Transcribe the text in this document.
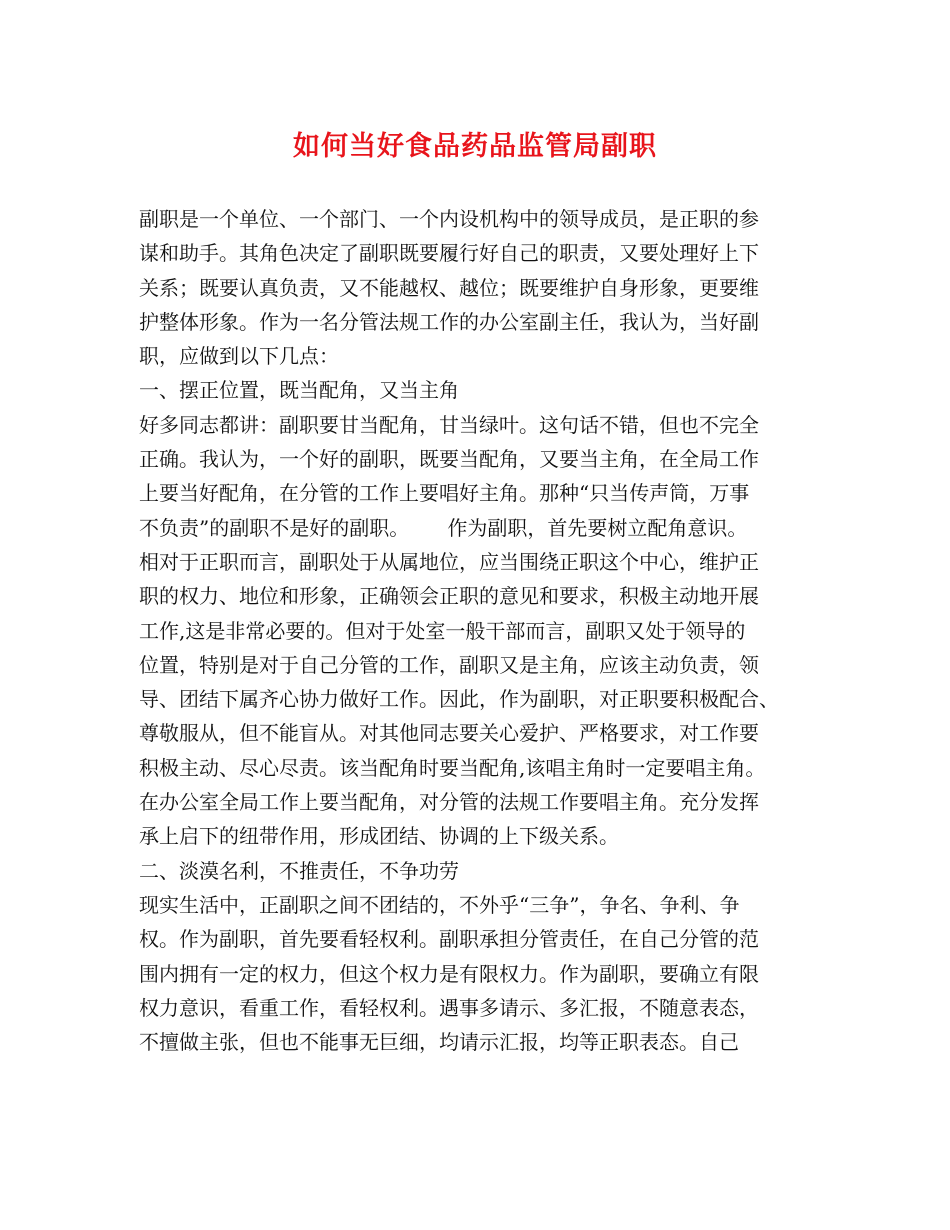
如何当好食品药品监管局副职
副职是一个单位、一个部门、一个内设机构中的领导成员，是正职的参
谋和助手。其角色决定了副职既要履行好自己的职责，又要处理好上下
关系；既要认真负责，又不能越权、越位；既要维护自身形象，更要维
护整体形象。作为一名分管法规工作的办公室副主任，我认为，当好副
职，应做到以下几点：
一、摆正位置，既当配角，又当主角
好多同志都讲：副职要甘当配角，甘当绿叶。这句话不错，但也不完全
正确。我认为，一个好的副职，既要当配角，又要当主角，在全局工作
上要当好配角，在分管的工作上要唱好主角。那种“只当传声筒，万事
不负责”的副职不是好的副职。      作为副职，首先要树立配角意识。
相对于正职而言，副职处于从属地位，应当围绕正职这个中心，维护正
职的权力、地位和形象，正确领会正职的意见和要求，积极主动地开展
工作,这是非常必要的。但对于处室一般干部而言，副职又处于领导的
位置，特别是对于自己分管的工作，副职又是主角，应该主动负责，领
导、团结下属齐心协力做好工作。因此，作为副职，对正职要积极配合、
尊敬服从，但不能盲从。对其他同志要关心爱护、严格要求，对工作要
积极主动、尽心尽责。该当配角时要当配角,该唱主角时一定要唱主角。
在办公室全局工作上要当配角，对分管的法规工作要唱主角。充分发挥
承上启下的纽带作用，形成团结、协调的上下级关系。
二、淡漠名利，不推责任，不争功劳
现实生活中，正副职之间不团结的，不外乎“三争”，争名、争利、争
权。作为副职，首先要看轻权利。副职承担分管责任，在自己分管的范
围内拥有一定的权力，但这个权力是有限权力。作为副职，要确立有限
权力意识，看重工作，看轻权利。遇事多请示、多汇报，不随意表态，
不擅做主张，但也不能事无巨细，均请示汇报，均等正职表态。自己
